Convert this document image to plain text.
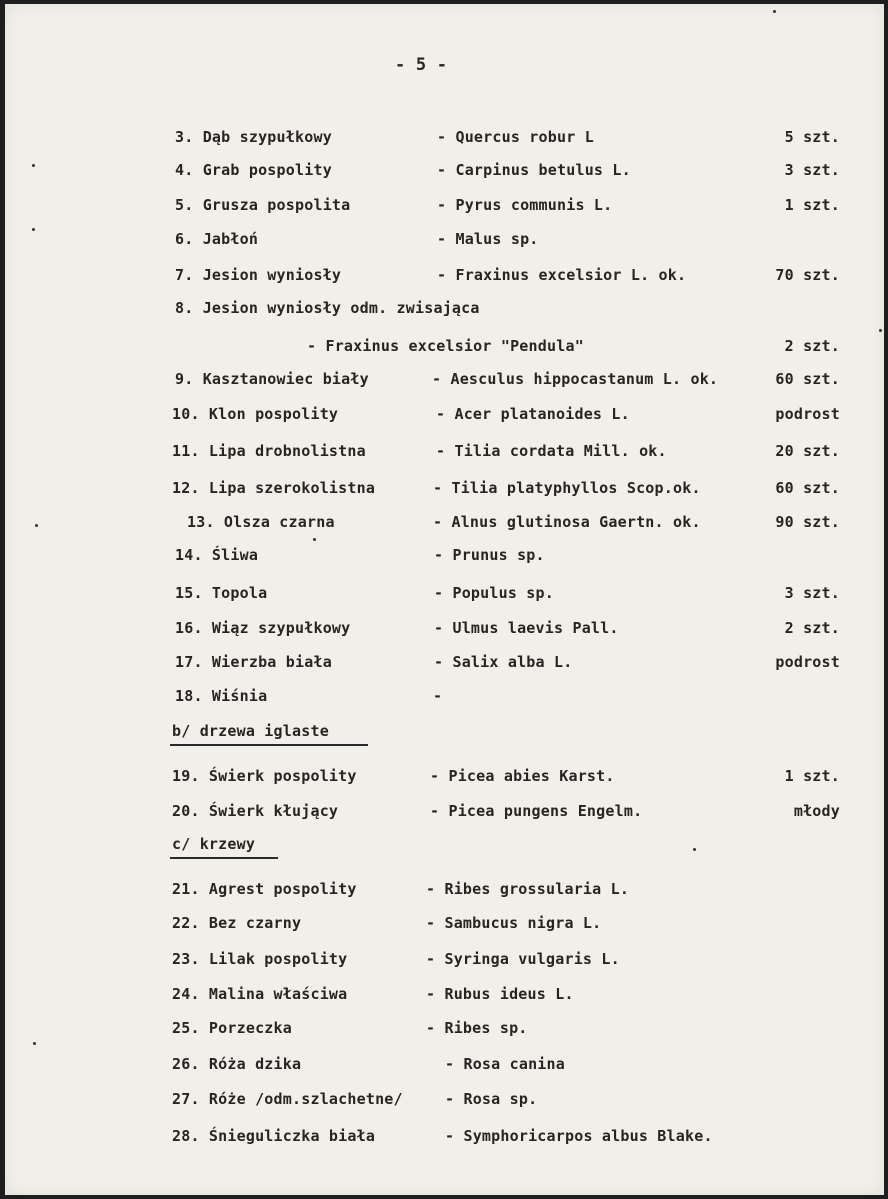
- 5 -
3. Dąb szypułkowy	- Quercus robur L	5 szt.
4. Grab pospolity	- Carpinus betulus L.	3 szt.
5. Grusza pospolita	- Pyrus communis L.	1 szt.
6. Jabłoń	- Malus sp.
7. Jesion wyniosły	- Fraxinus excelsior L. ok.	70 szt.
8. Jesion wyniosły odm. zwisająca
- Fraxinus excelsior "Pendula"	2 szt.
9. Kasztanowiec biały	- Aesculus hippocastanum L. ok.	60 szt.
10. Klon pospolity	- Acer platanoides L.	podrost
11. Lipa drobnolistna	- Tilia cordata Mill. ok.	20 szt.
12. Lipa szerokolistna	- Tilia platyphyllos Scop.ok.	60 szt.
13. Olsza czarna	- Alnus glutinosa Gaertn. ok.	90 szt.
14. Śliwa	- Prunus sp.
15. Topola	- Populus sp.	3 szt.
16. Wiąz szypułkowy	- Ulmus laevis Pall.	2 szt.
17. Wierzba biała	- Salix alba L.	podrost
18. Wiśnia	-
b/ drzewa iglaste
19. Świerk pospolity	- Picea abies Karst.	1 szt.
20. Świerk kłujący	- Picea pungens Engelm.	młody
c/ krzewy
21. Agrest pospolity	- Ribes grossularia L.
22. Bez czarny	- Sambucus nigra L.
23. Lilak pospolity	- Syringa vulgaris L.
24. Malina właściwa	- Rubus ideus L.
25. Porzeczka	- Ribes sp.
26. Róża dzika	- Rosa canina
27. Róże /odm.szlachetne/	- Rosa sp.
28. Śnieguliczka biała	- Symphoricarpos albus Blake.
